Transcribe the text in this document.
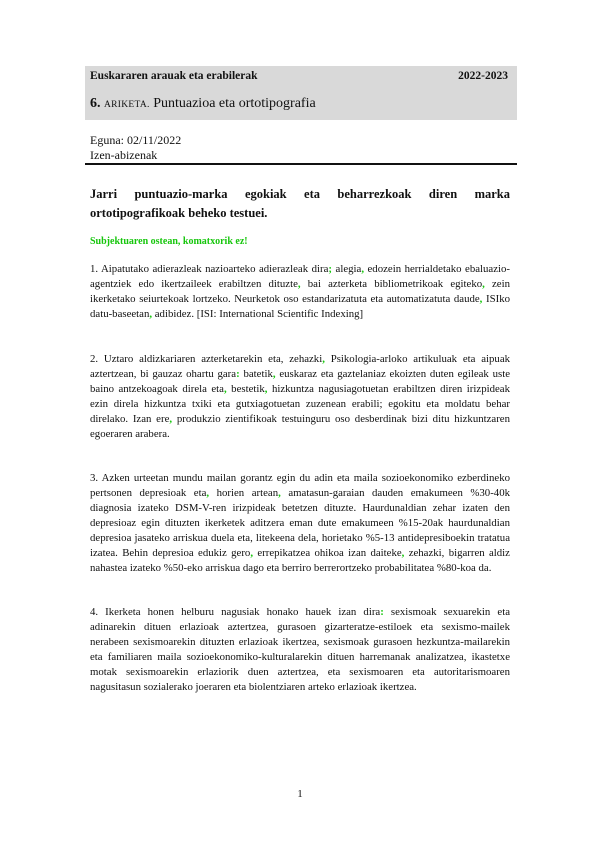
Euskararen arauak eta erabilerak	2022-2023
6. ARIKETA. Puntuazioa eta ortotipografia
Eguna: 02/11/2022
Izen-abizenak
Jarri puntuazio-marka egokiak eta beharrezkoak diren marka ortotipografikoak beheko testuei.
Subjektuaren ostean, komatxorik ez!

1. Aipatutako adierazleak nazioarteko adierazleak dira; alegia, edozein herrialdetako ebaluazio-agentziek edo ikertzaileek erabiltzen dituzte, bai azterketa bibliometrikoak egiteko, zein ikerketako seiurtekoak lortzeko. Neurketok oso estandarizatuta eta automatizatuta daude, ISIko datu-baseetan, adibidez. [ISI: International Scientific Indexing]

2. Uztaro aldizkariaren azterketarekin eta, zehazki, Psikologia-arloko artikuluak eta aipuak aztertzean, bi gauzaz ohartu gara: batetik, euskaraz eta gaztelaniaz ekoizten duten egileak uste baino antzekoagoak direla eta, bestetik, hizkuntza nagusiagotuetan erabiltzen diren irizpideak ezin direla hizkuntza txiki eta gutxiagotuetan zuzenean erabili; egokitu eta moldatu behar direlako. Izan ere, produkzio zientifikoak testuinguru oso desberdinak bizi ditu hizkuntzaren egoeraren arabera.

3. Azken urteetan mundu mailan gorantz egin du adin eta maila sozioekonomiko ezberdineko pertsonen depresioak eta, horien artean, amatasun-garaian dauden emakumeen %30-40k diagnosia izateko DSM-V-ren irizpideak betetzen dituzte. Haurdunaldian zehar izaten den depresioaz egin dituzten ikerketek aditzera eman dute emakumeen %15-20ak haurdunaldian depresioa jasateko arriskua duela eta, litekeena dela, horietako %5-13 antidepresiboekin tratatua izatea. Behin depresioa edukiz gero, errepikatzea ohikoa izan daiteke, zehazki, bigarren aldiz nahastea izateko %50-eko arriskua dago eta berriro berrerortzeko probabilitatea %80-koa da.

4. Ikerketa honen helburu nagusiak honako hauek izan dira: sexismoak sexuarekin eta adinarekin dituen erlazioak aztertzea, gurasoen gizarteratze-estiloek eta sexismo-mailek nerabeen sexismoarekin dituzten erlazioak ikertzea, sexismoak gurasoen hezkuntza-mailarekin eta familiaren maila sozioekonomiko-kulturalarekin dituen harremanak analizatzea, ikastetxe motak sexismoarekin erlaziorik duen aztertzea, eta sexismoaren eta autoritarismoaren nagusitasun sozialerako joeraren eta biolentziaren arteko erlazioak ikertzea.

1
